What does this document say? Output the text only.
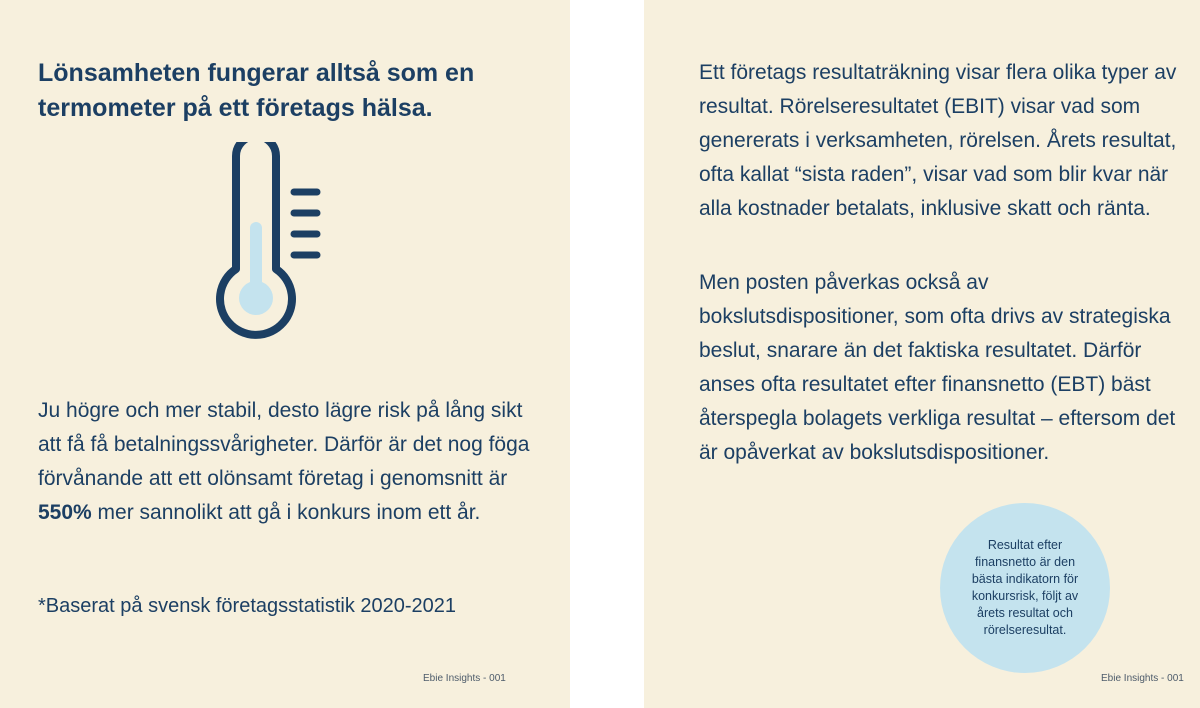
Lönsamheten fungerar alltså som en termometer på ett företags hälsa.

Ju högre och mer stabil, desto lägre risk på lång sikt att få få betalningssvårigheter. Därför är det nog föga förvånande att ett olönsamt företag i genomsnitt är 550% mer sannolikt att gå i konkurs inom ett år.

*Baserat på svensk företagsstatistik 2020-2021

Ebie Insights - 001

Ett företags resultaträkning visar flera olika typer av resultat. Rörelseresultatet (EBIT) visar vad som genererats i verksamheten, rörelsen. Årets resultat, ofta kallat “sista raden”, visar vad som blir kvar när alla kostnader betalats, inklusive skatt och ränta.

Men posten påverkas också av bokslutsdispositioner, som ofta drivs av strategiska beslut, snarare än det faktiska resultatet. Därför anses ofta resultatet efter finansnetto (EBT) bäst återspegla bolagets verkliga resultat – eftersom det är opåverkat av bokslutsdispositioner.

Resultat efter finansnetto är den bästa indikatorn för konkursrisk, följt av årets resultat och rörelseresultat.
Ebie Insights - 001
